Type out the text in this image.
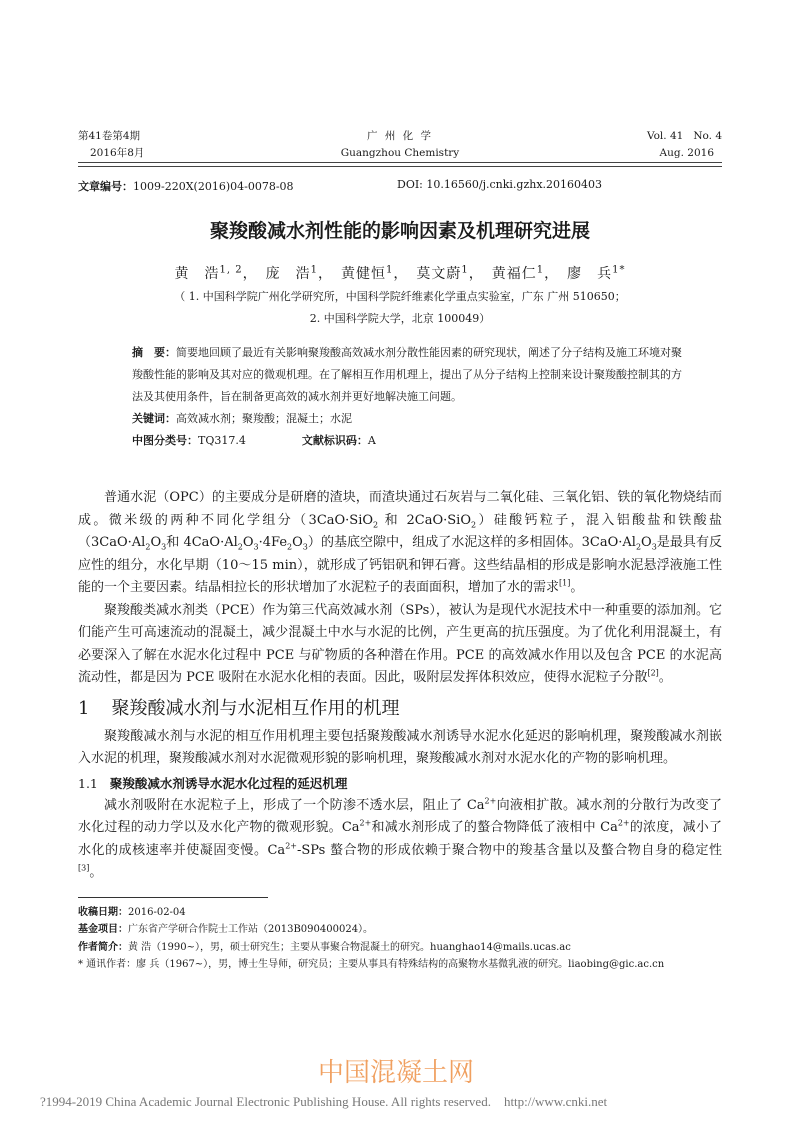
第41卷第4期
2016年8月
广 州 化 学
Guangzhou Chemistry
Vol. 41   No. 4
Aug. 2016
文章编号：1009-220X(2016)04-0078-08	DOI: 10.16560/j.cnki.gzhx.20160403
聚羧酸减水剂性能的影响因素及机理研究进展
黄　浩$^{1, 2}$，　庞　浩$^1$，　黄健恒$^1$，　莫文蔚$^1$，　黄福仁$^1$，　廖　兵$^{1*}$
（ 1. 中国科学院广州化学研究所，中国科学院纤维素化学重点实验室，广东 广州 510650；
2. 中国科学院大学，北京 100049）
摘　要：简要地回顾了最近有关影响聚羧酸高效减水剂分散性能因素的研究现状，阐述了分子结构及施工环境对聚羧酸性能的影响及其对应的微观机理。在了解相互作用机理上，提出了从分子结构上控制来设计聚羧酸控制其的方法及其使用条件，旨在制备更高效的减水剂并更好地解决施工问题。
关键词：高效减水剂；聚羧酸；混凝土；水泥
中图分类号：TQ317.4	文献标识码：A

普通水泥（OPC）的主要成分是研磨的渣块，而渣块通过石灰岩与二氧化硅、三氧化铝、铁的氧化物烧结而成。微米级的两种不同化学组分（3CaO·SiO$_2$ 和 2CaO·SiO$_2$）硅酸钙粒子，混入铝酸盐和铁酸盐（$3CaO\cdot Al_2O_3$和 $4CaO\cdot Al_2O_3\cdot 4Fe_2O_3$）的基底空隙中，组成了水泥这样的多相固体。$3CaO\cdot Al_2O_3$是最具有反应性的组分，水化早期（10～15 min），就形成了钙铝矾和钾石膏。这些结晶相的形成是影响水泥悬浮液施工性能的一个主要因素。结晶相拉长的形状增加了水泥粒子的表面面积，增加了水的需求[1]。

聚羧酸类减水剂类（PCE）作为第三代高效减水剂（SPs），被认为是现代水泥技术中一种重要的添加剂。它们能产生可高速流动的混凝土，减少混凝土中水与水泥的比例，产生更高的抗压强度。为了优化利用混凝土，有必要深入了解在水泥水化过程中 PCE 与矿物质的各种潜在作用。PCE 的高效减水作用以及包含 PCE 的水泥高流动性，都是因为 PCE 吸附在水泥水化相的表面。因此，吸附层发挥体积效应，使得水泥粒子分散[2]。

1 聚羧酸减水剂与水泥相互作用的机理

聚羧酸减水剂与水泥的相互作用机理主要包括聚羧酸减水剂诱导水泥水化延迟的影响机理，聚羧酸减水剂嵌入水泥的机理，聚羧酸减水剂对水泥微观形貌的影响机理，聚羧酸减水剂对水泥水化的产物的影响机理。

1.1 聚羧酸减水剂诱导水泥水化过程的延迟机理

减水剂吸附在水泥粒子上，形成了一个防渗不透水层，阻止了 $Ca^{2+}$向液相扩散。减水剂的分散行为改变了水化过程的动力学以及水化产物的微观形貌。$Ca^{2+}$和减水剂形成了的螯合物降低了液相中 $Ca^{2+}$的浓度，减小了水化的成核速率并使凝固变慢。$Ca^{2+}$-SPs 螯合物的形成依赖于聚合物中的羧基含量以及螯合物自身的稳定性[3]。

收稿日期：2016-02-04
基金项目：广东省产学研合作院士工作站（2013B090400024）。
作者简介：黄 浩（1990~），男，硕士研究生；主要从事聚合物混凝土的研究。huanghao14@mails.ucas.ac
* 通讯作者：廖 兵（1967~），男，博士生导师，研究员；主要从事具有特殊结构的高聚物水基微乳液的研究。liaobing@gic.ac.cn
中国混凝土网
?1994-2019 China Academic Journal Electronic Publishing House. All rights reserved.    http://www.cnki.net
